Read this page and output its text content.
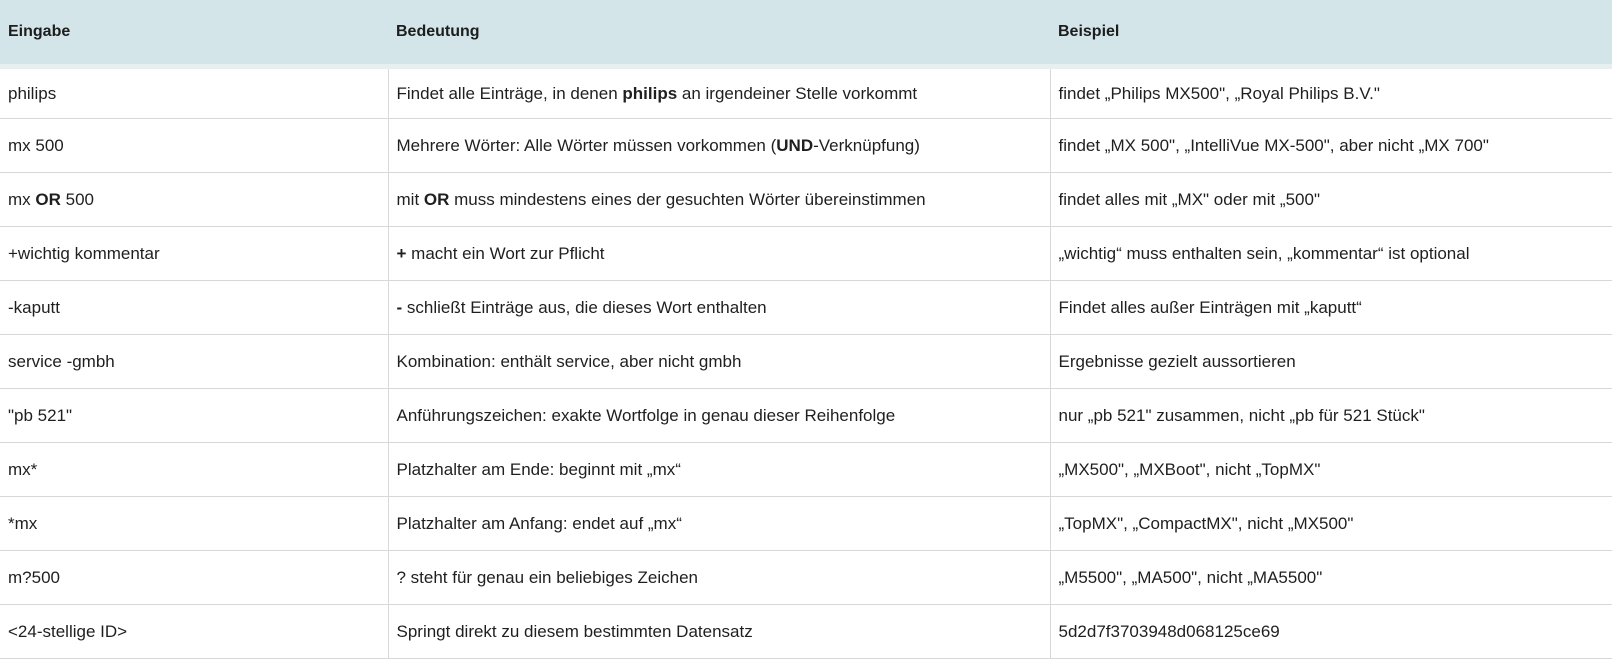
Eingabe	Bedeutung	Beispiel
philips	Findet alle Einträge, in denen philips an irgendeiner Stelle vorkommt	findet „Philips MX500", „Royal Philips B.V."
mx 500	Mehrere Wörter: Alle Wörter müssen vorkommen (UND-Verknüpfung)	findet „MX 500", „IntelliVue MX-500", aber nicht „MX 700"
mx OR 500	mit OR muss mindestens eines der gesuchten Wörter übereinstimmen	findet alles mit „MX" oder mit „500"
+wichtig kommentar	+ macht ein Wort zur Pflicht	„wichtig“ muss enthalten sein, „kommentar“ ist optional
-kaputt	- schließt Einträge aus, die dieses Wort enthalten	Findet alles außer Einträgen mit „kaputt“
service -gmbh	Kombination: enthält service, aber nicht gmbh	Ergebnisse gezielt aussortieren
"pb 521"	Anführungszeichen: exakte Wortfolge in genau dieser Reihenfolge	nur „pb 521" zusammen, nicht „pb für 521 Stück"
mx*	Platzhalter am Ende: beginnt mit „mx“	„MX500", „MXBoot", nicht „TopMX"
*mx	Platzhalter am Anfang: endet auf „mx“	„TopMX", „CompactMX", nicht „MX500"
m?500	? steht für genau ein beliebiges Zeichen	„M5500", „MA500", nicht „MA5500"
<24-stellige ID>	Springt direkt zu diesem bestimmten Datensatz	5d2d7f3703948d068125ce69
